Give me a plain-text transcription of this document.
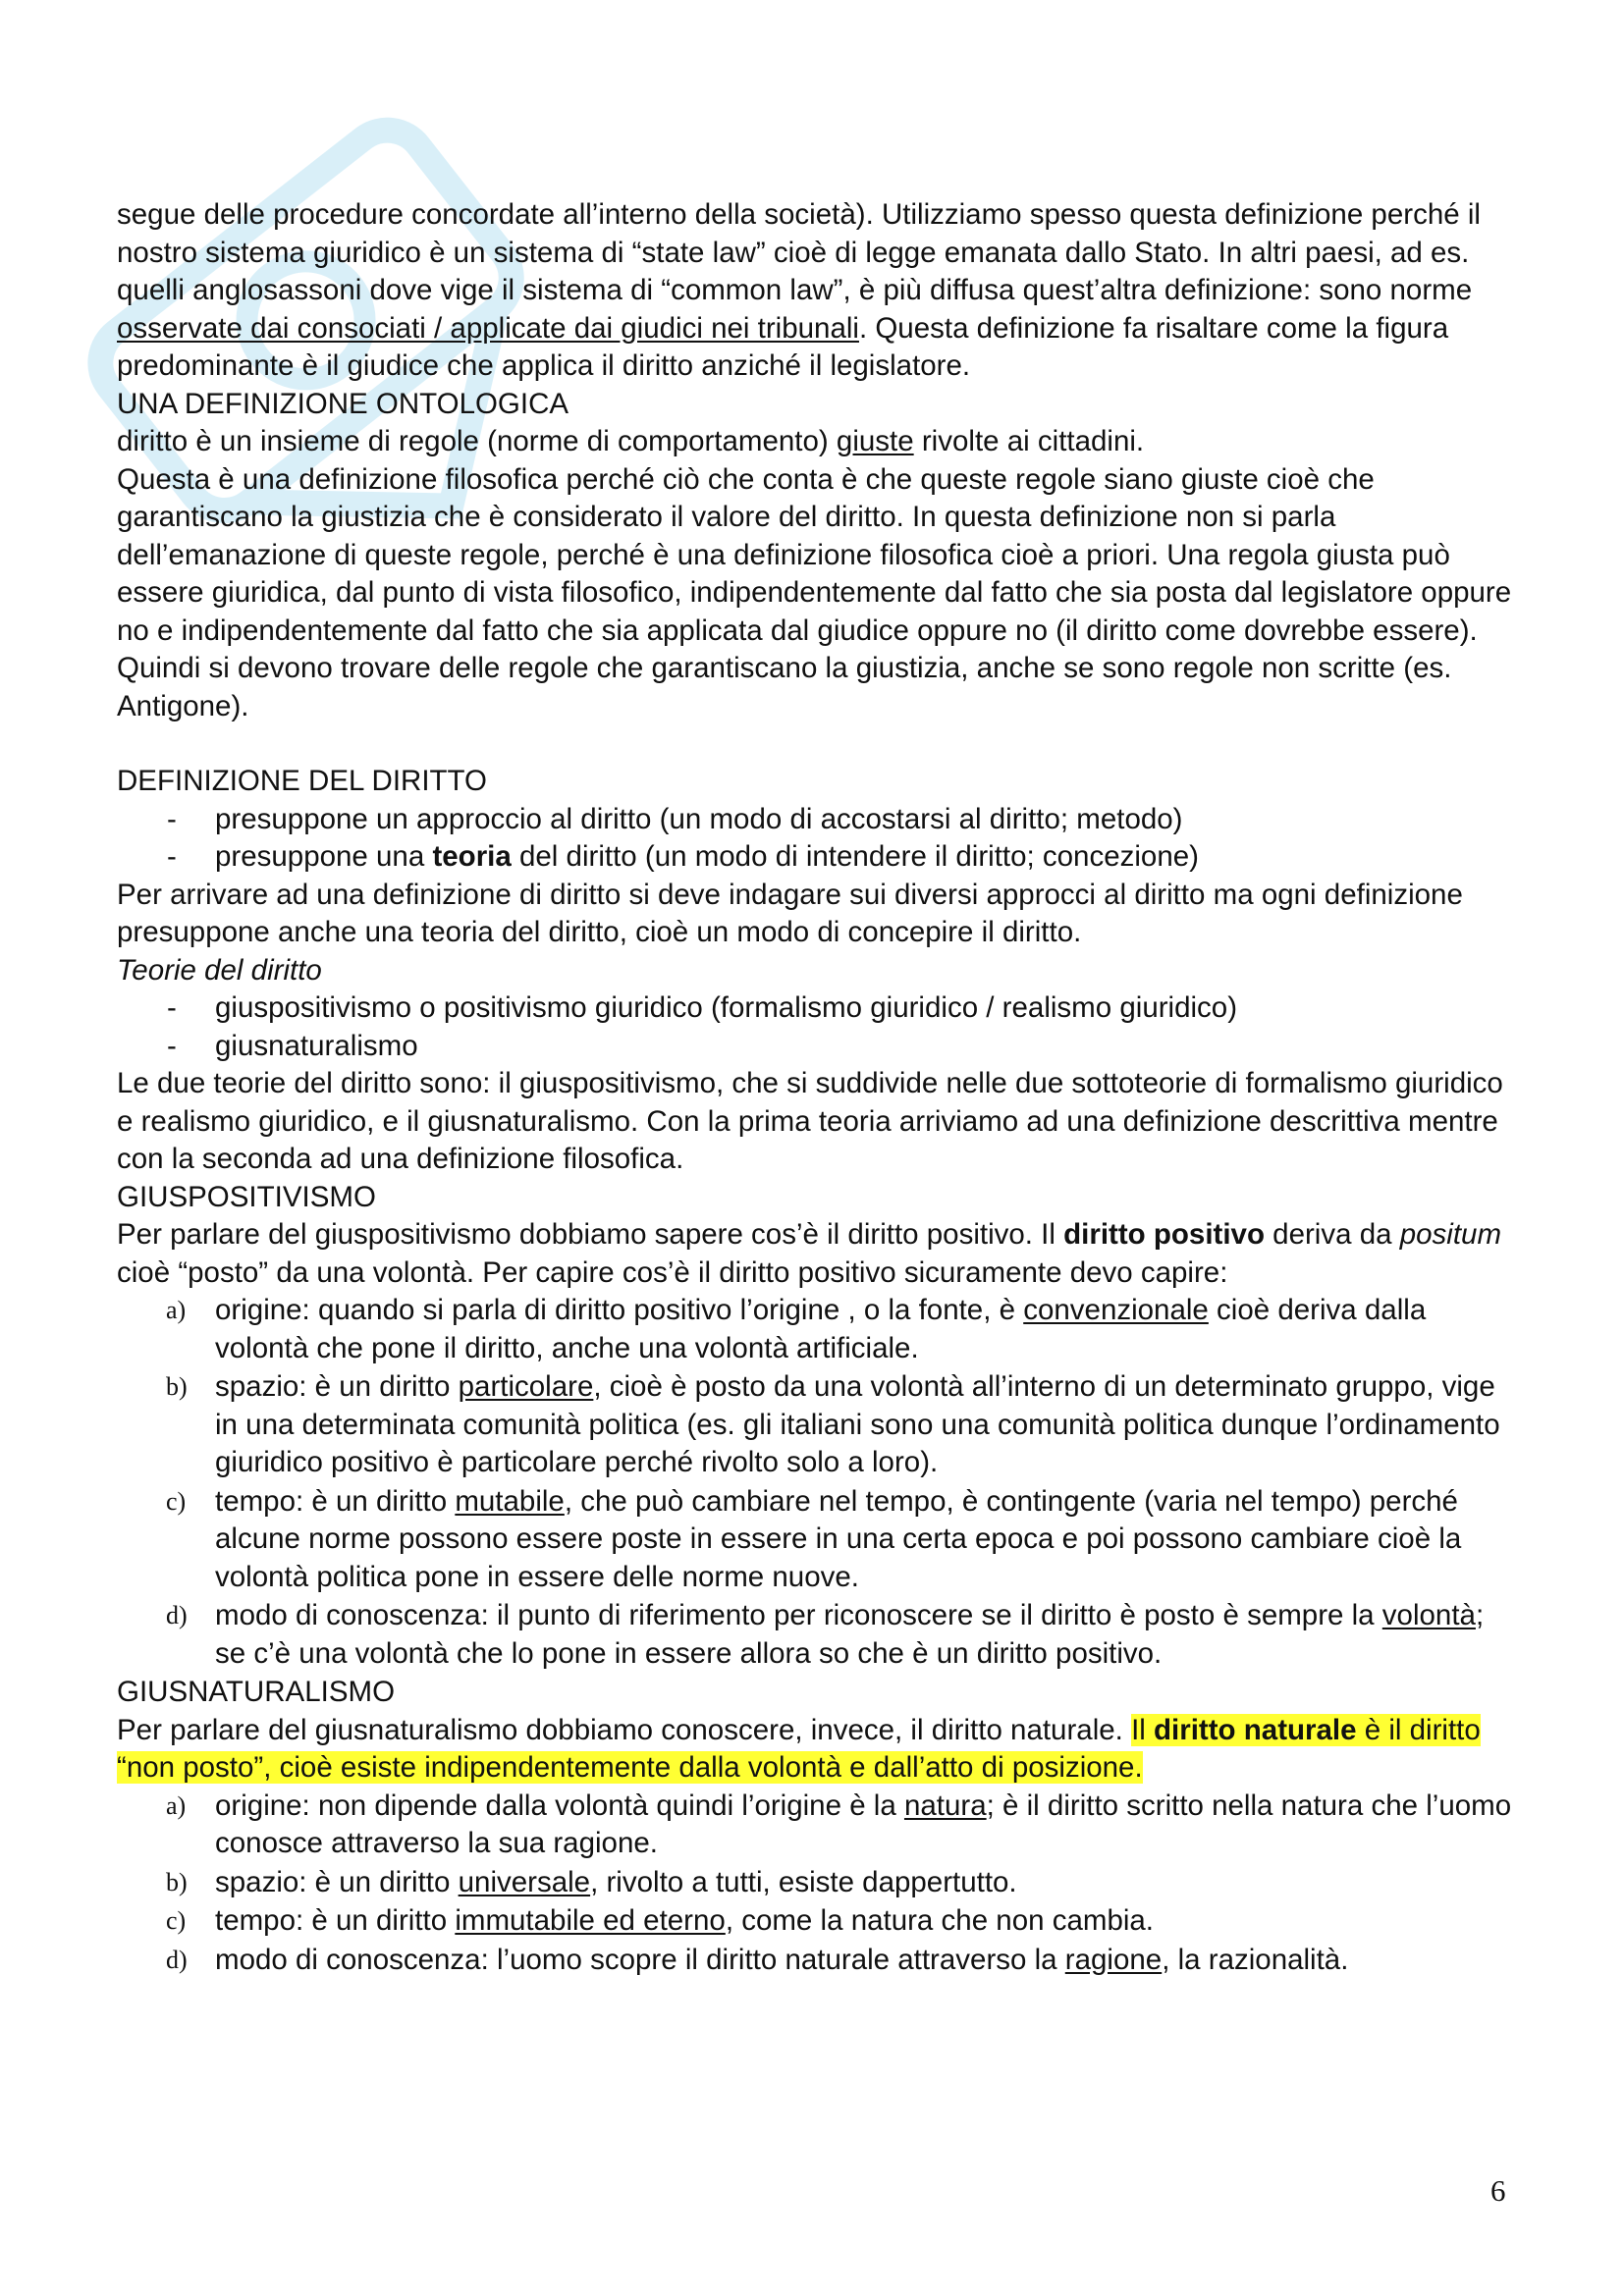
segue delle procedure concordate all’interno della società). Utilizziamo spesso questa definizione perché il nostro sistema giuridico è un sistema di “state law” cioè di legge emanata dallo Stato. In altri paesi, ad es. quelli anglosassoni dove vige il sistema di “common law”, è più diffusa quest’altra definizione: sono norme osservate dai consociati / applicate dai giudici nei tribunali. Questa definizione fa risaltare come la figura predominante è il giudice che applica il diritto anziché il legislatore.

UNA DEFINIZIONE ONTOLOGICA

diritto è un insieme di regole (norme di comportamento) giuste rivolte ai cittadini.

Questa è una definizione filosofica perché ciò che conta è che queste regole siano giuste cioè che garantiscano la giustizia che è considerato il valore del diritto. In questa definizione non si parla dell’emanazione di queste regole, perché è una definizione filosofica cioè a priori. Una regola giusta può essere giuridica, dal punto di vista filosofico, indipendentemente dal fatto che sia posta dal legislatore oppure no e indipendentemente dal fatto che sia applicata dal giudice oppure no (il diritto come dovrebbe essere). Quindi si devono trovare delle regole che garantiscano la giustizia, anche se sono regole non scritte (es. Antigone).

DEFINIZIONE DEL DIRITTO

- presuppone un approccio al diritto (un modo di accostarsi al diritto; metodo)
- presuppone una teoria del diritto (un modo di intendere il diritto; concezione)

Per arrivare ad una definizione di diritto si deve indagare sui diversi approcci al diritto ma ogni definizione presuppone anche una teoria del diritto, cioè un modo di concepire il diritto.

Teorie del diritto

- giuspositivismo o positivismo giuridico (formalismo giuridico / realismo giuridico)
- giusnaturalismo

Le due teorie del diritto sono: il giuspositivismo, che si suddivide nelle due sottoteorie di formalismo giuridico e realismo giuridico, e il giusnaturalismo. Con la prima teoria arriviamo ad una definizione descrittiva mentre con la seconda ad una definizione filosofica.

GIUSPOSITIVISMO

Per parlare del giuspositivismo dobbiamo sapere cos’è il diritto positivo. Il diritto positivo deriva da positum cioè “posto” da una volontà. Per capire cos’è il diritto positivo sicuramente devo capire:

a) origine: quando si parla di diritto positivo l’origine , o la fonte, è convenzionale cioè deriva dalla volontà che pone il diritto, anche una volontà artificiale.
b) spazio: è un diritto particolare, cioè è posto da una volontà all’interno di un determinato gruppo, vige in una determinata comunità politica (es. gli italiani sono una comunità politica dunque l’ordinamento giuridico positivo è particolare perché rivolto solo a loro).
c) tempo: è un diritto mutabile, che può cambiare nel tempo, è contingente (varia nel tempo) perché alcune norme possono essere poste in essere in una certa epoca e poi possono cambiare cioè la volontà politica pone in essere delle norme nuove.
d) modo di conoscenza: il punto di riferimento per riconoscere se il diritto è posto è sempre la volontà; se c’è una volontà che lo pone in essere allora so che è un diritto positivo.

GIUSNATURALISMO

Per parlare del giusnaturalismo dobbiamo conoscere, invece, il diritto naturale. Il diritto naturale è il diritto “non posto”, cioè esiste indipendentemente dalla volontà e dall’atto di posizione.

a) origine: non dipende dalla volontà quindi l’origine è la natura; è il diritto scritto nella natura che l’uomo conosce attraverso la sua ragione.
b) spazio: è un diritto universale, rivolto a tutti, esiste dappertutto.
c) tempo: è un diritto immutabile ed eterno, come la natura che non cambia.
d) modo di conoscenza: l’uomo scopre il diritto naturale attraverso la ragione, la razionalità.
6
